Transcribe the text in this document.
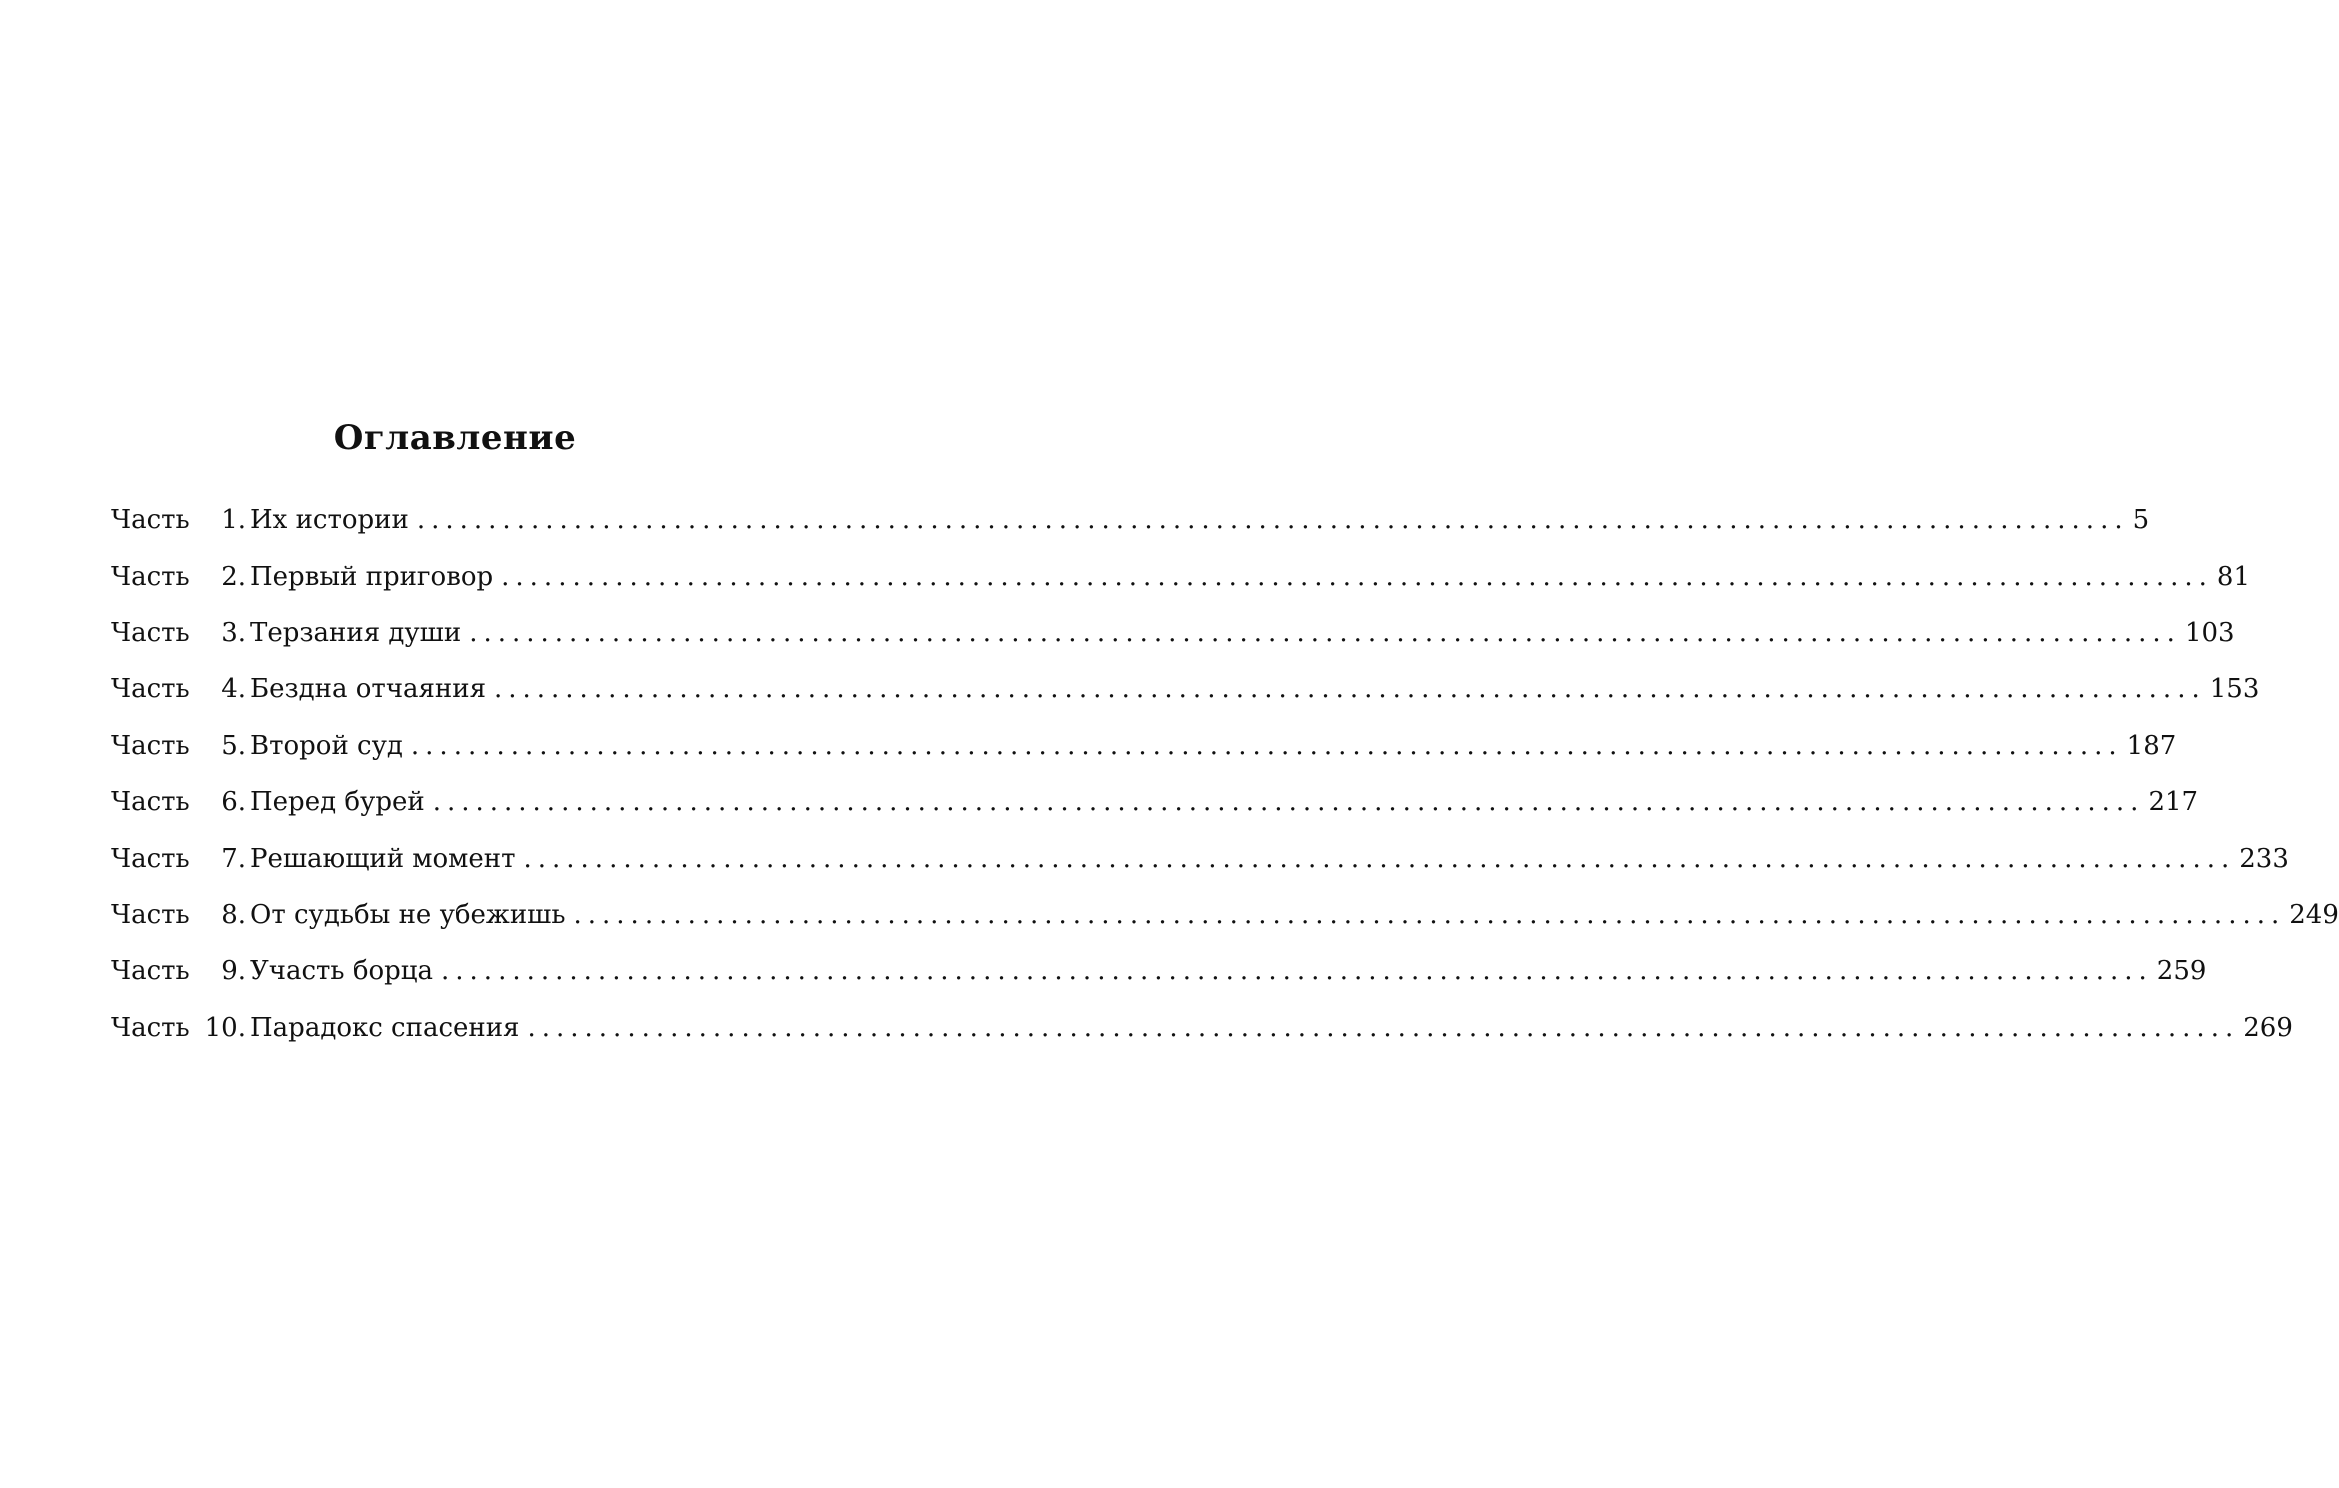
Оглавление
Часть	1. Их истории ........................................................................................................................ 5
Часть	2. Первый приговор ........................................................................................................................ 81
Часть	3. Терзания души ........................................................................................................................ 103
Часть	4. Бездна отчаяния ........................................................................................................................ 153
Часть	5. Второй суд ........................................................................................................................ 187
Часть	6. Перед бурей ........................................................................................................................ 217
Часть	7. Решающий момент ........................................................................................................................ 233
Часть	8. От судьбы не убежишь ........................................................................................................................ 249
Часть	9. Участь борца ........................................................................................................................ 259
Часть 10. Парадокс спасения ........................................................................................................................ 269
